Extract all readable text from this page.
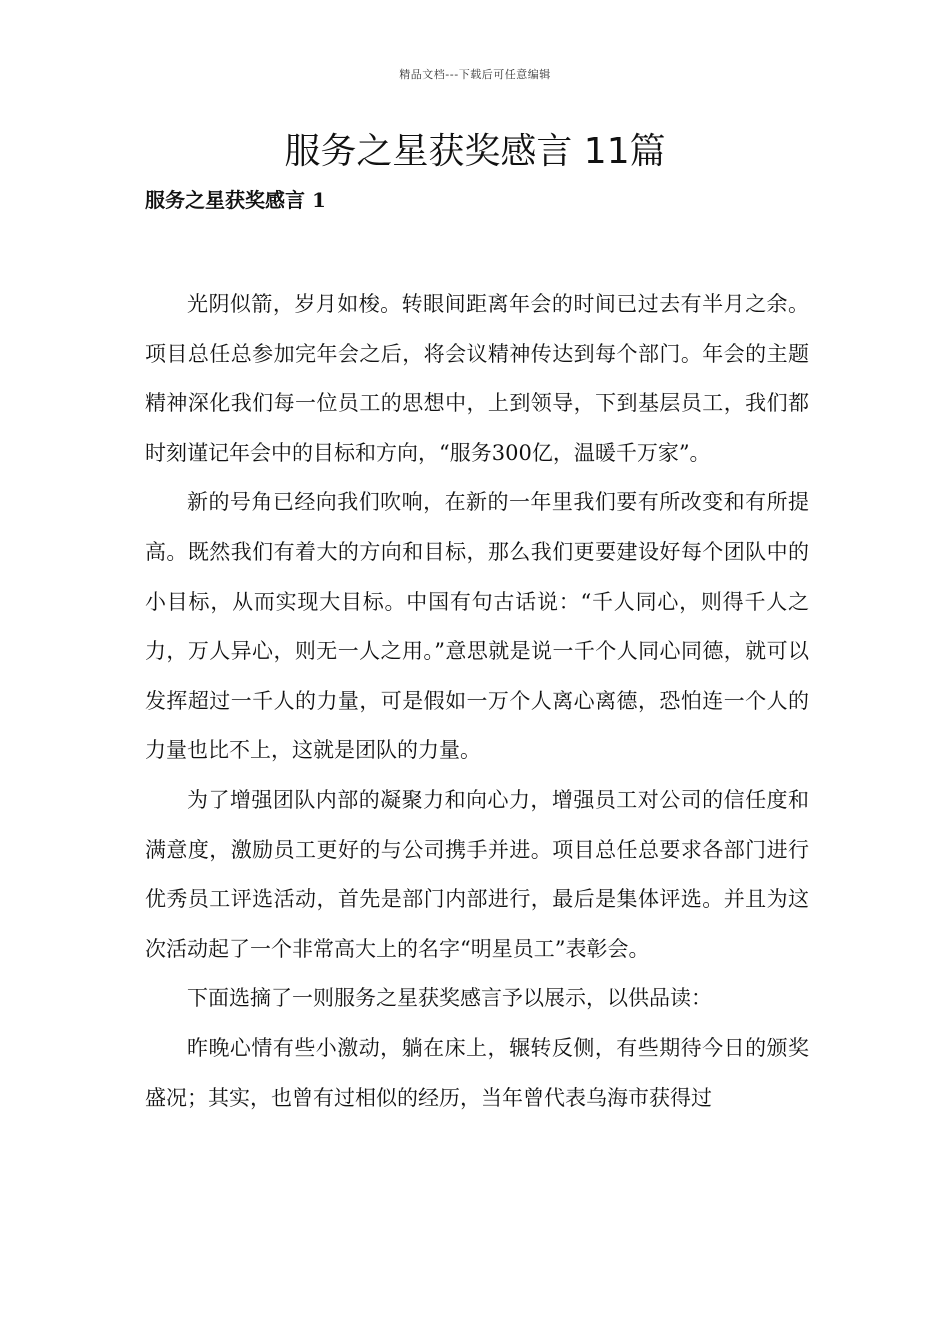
精品文档---下载后可任意编辑
服务之星获奖感言 11篇
服务之星获奖感言 1

光阴似箭，岁月如梭。转眼间距离年会的时间已过去有半月之余。项目总任总参加完年会之后，将会议精神传达到每个部门。年会的主题精神深化我们每一位员工的思想中，上到领导，下到基层员工，我们都时刻谨记年会中的目标和方向，“服务300亿，温暖千万家”。

新的号角已经向我们吹响，在新的一年里我们要有所改变和有所提高。既然我们有着大的方向和目标，那么我们更要建设好每个团队中的小目标，从而实现大目标。中国有句古话说：“千人同心，则得千人之力，万人异心，则无一人之用。”意思就是说一千个人同心同德，就可以发挥超过一千人的力量，可是假如一万个人离心离德，恐怕连一个人的力量也比不上，这就是团队的力量。

为了增强团队内部的凝聚力和向心力，增强员工对公司的信任度和满意度，激励员工更好的与公司携手并进。项目总任总要求各部门进行优秀员工评选活动，首先是部门内部进行，最后是集体评选。并且为这次活动起了一个非常高大上的名字“明星员工”表彰会。

下面选摘了一则服务之星获奖感言予以展示，以供品读：

昨晚心情有些小激动，躺在床上，辗转反侧，有些期待今日的颁奖盛况；其实，也曾有过相似的经历，当年曾代表乌海市获得过
